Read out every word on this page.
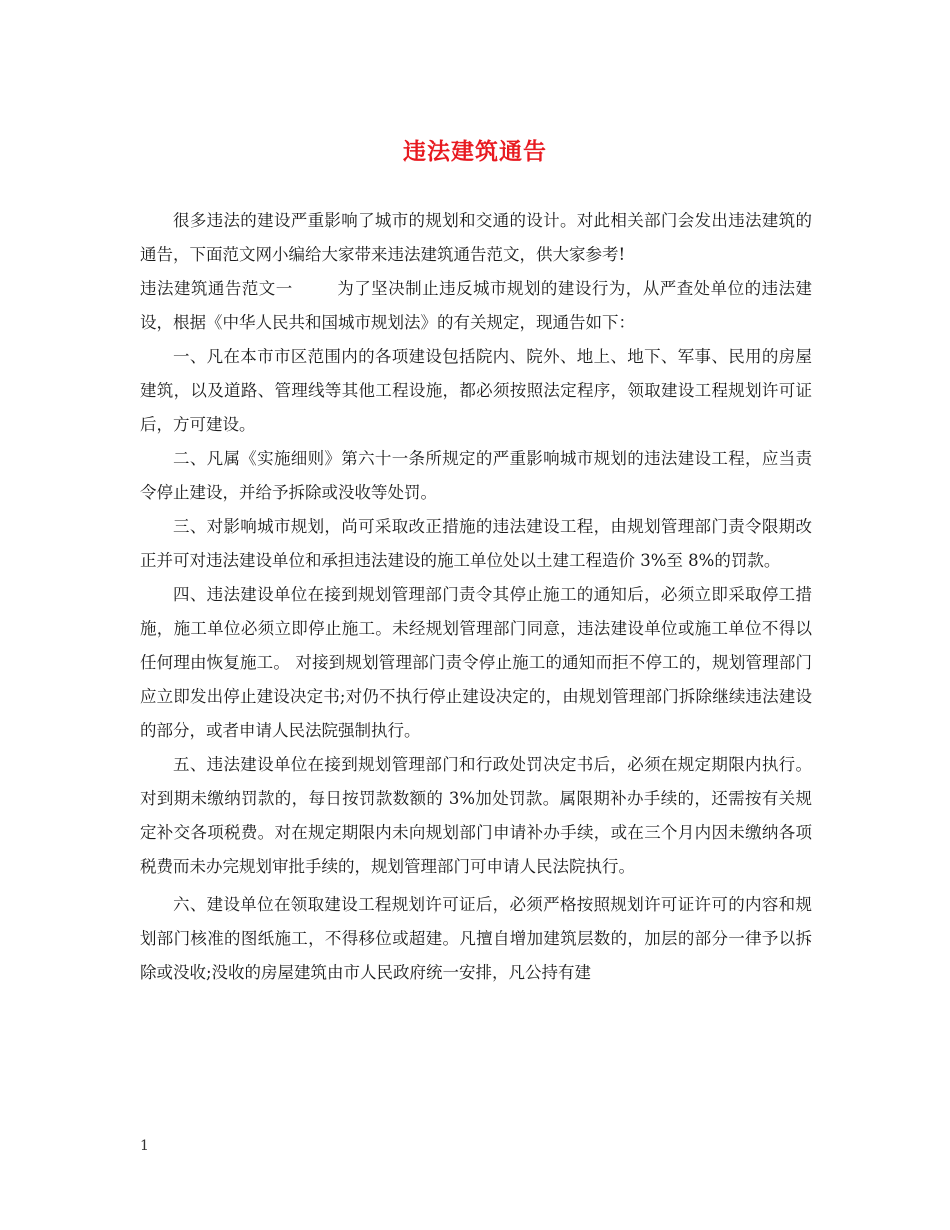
违法建筑通告

很多违法的建设严重影响了城市的规划和交通的设计。对此相关部门会发出违法建筑的通告，下面范文网小编给大家带来违法建筑通告范文，供大家参考!

违法建筑通告范文一	为了坚决制止违反城市规划的建设行为，从严查处单位的违法建设，根据《中华人民共和国城市规划法》的有关规定，现通告如下：

一、凡在本市市区范围内的各项建设包括院内、院外、地上、地下、军事、民用的房屋建筑，以及道路、管理线等其他工程设施，都必须按照法定程序，领取建设工程规划许可证后，方可建设。

二、凡属《实施细则》第六十一条所规定的严重影响城市规划的违法建设工程，应当责令停止建设，并给予拆除或没收等处罚。

三、对影响城市规划，尚可采取改正措施的违法建设工程，由规划管理部门责令限期改正并可对违法建设单位和承担违法建设的施工单位处以土建工程造价 3%至 8%的罚款。

四、违法建设单位在接到规划管理部门责令其停止施工的通知后，必须立即采取停工措施，施工单位必须立即停止施工。未经规划管理部门同意，违法建设单位或施工单位不得以任何理由恢复施工。 对接到规划管理部门责令停止施工的通知而拒不停工的，规划管理部门应立即发出停止建设决定书;对仍不执行停止建设决定的，由规划管理部门拆除继续违法建设的部分，或者申请人民法院强制执行。

五、违法建设单位在接到规划管理部门和行政处罚决定书后，必须在规定期限内执行。对到期未缴纳罚款的，每日按罚款数额的 3%加处罚款。属限期补办手续的，还需按有关规定补交各项税费。对在规定期限内未向规划部门申请补办手续，或在三个月内因未缴纳各项税费而未办完规划审批手续的，规划管理部门可申请人民法院执行。

六、建设单位在领取建设工程规划许可证后，必须严格按照规划许可证许可的内容和规划部门核准的图纸施工，不得移位或超建。凡擅自增加建筑层数的，加层的部分一律予以拆除或没收;没收的房屋建筑由市人民政府统一安排，凡公持有建

1
